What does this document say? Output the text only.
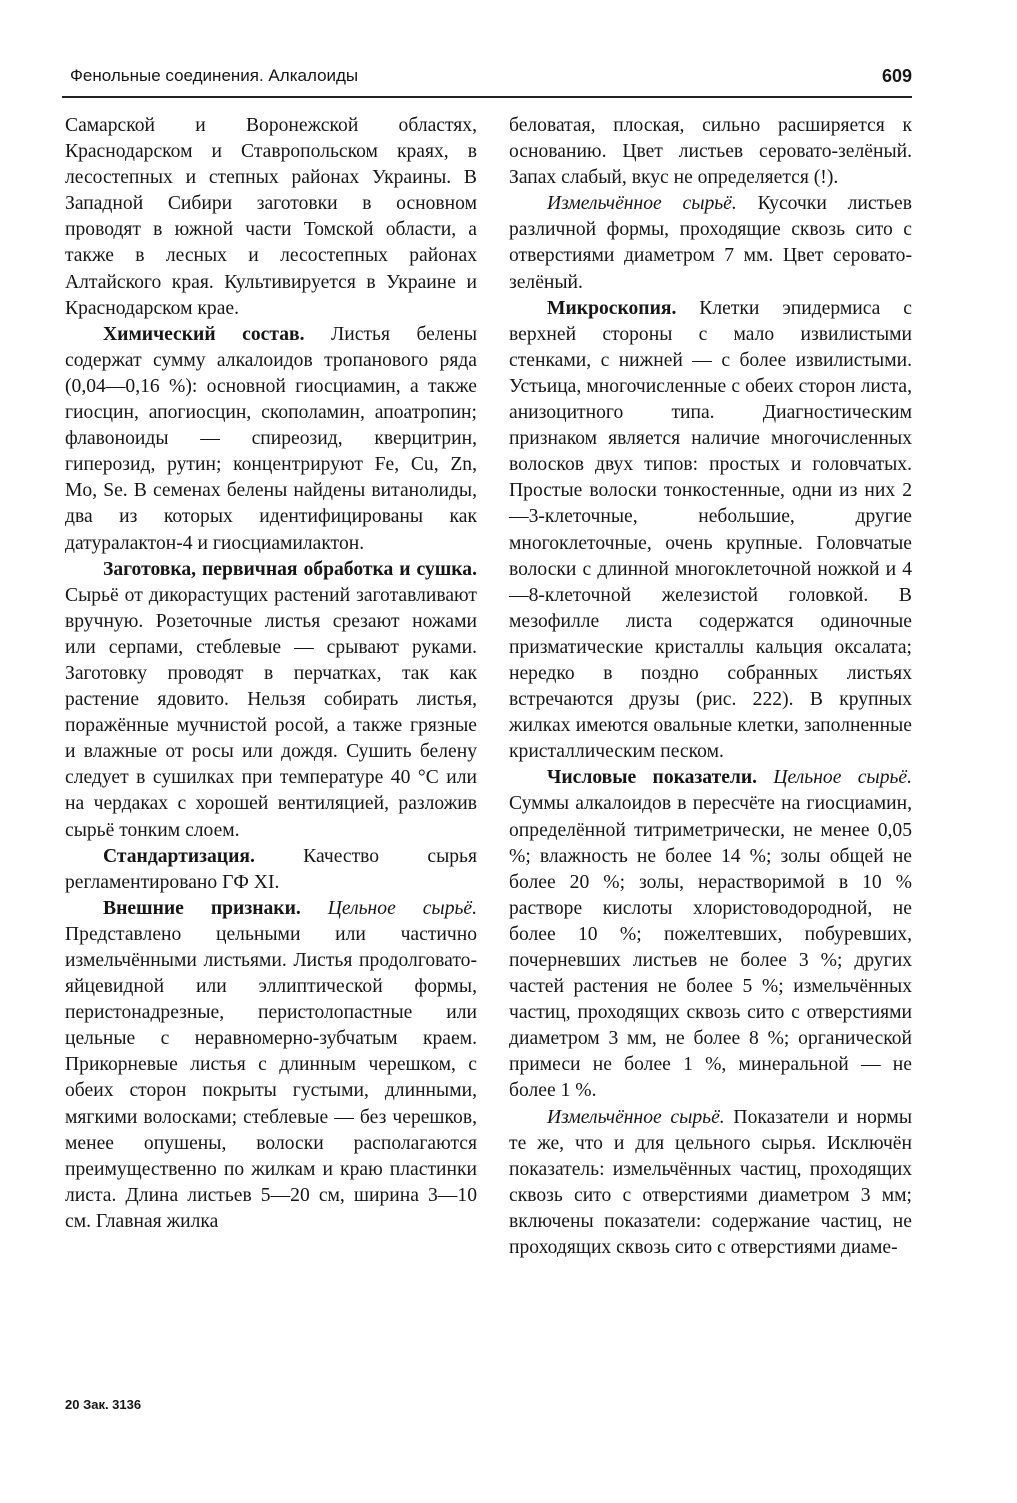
Фенольные соединения. Алкалоиды	609

Самарской и Воронежской областях, Краснодарском и Ставропольском краях, в лесостепных и степных районах Украины. В Западной Сибири заготовки в основном проводят в южной части Томской области, а также в лесных и лесостепных районах Алтайского края. Культивируется в Украине и Краснодарском крае.

Химический состав. Листья белены содержат сумму алкалоидов тропанового ряда (0,04—0,16 %): основной гиосциамин, а также гиосцин, апогиосцин, скополамин, апоатропин; флавоноиды — спиреозид, кверцитрин, гиперозид, рутин; концентрируют Fe, Cu, Zn, Mo, Se. В семенах белены найдены витанолиды, два из которых идентифицированы как датуралактон-4 и гиосциамилактон.

Заготовка, первичная обработка и сушка. Сырьё от дикорастущих растений заготавливают вручную. Розеточные листья срезают ножами или серпами, стеблевые — срывают руками. Заготовку проводят в перчатках, так как растение ядовито. Нельзя собирать листья, поражённые мучнистой росой, а также грязные и влажные от росы или дождя. Сушить белену следует в сушилках при температуре 40 °С или на чердаках с хорошей вентиляцией, разложив сырьё тонким слоем.

Стандартизация. Качество сырья регламентировано ГФ XI.

Внешние признаки. Цельное сырьё. Представлено цельными или частично измельчёнными листьями. Листья продолговато-яйцевидной или эллиптической формы, перистонадрезные, перистолопастные или цельные с неравномерно-зубчатым краем. Прикорневые листья с длинным черешком, с обеих сторон покрыты густыми, длинными, мягкими волосками; стеблевые — без черешков, менее опушены, волоски располагаются преимущественно по жилкам и краю пластинки листа. Длина листьев 5—20 см, ширина 3—10 см. Главная жилка

беловатая, плоская, сильно расширяется к основанию. Цвет листьев серовато-зелёный. Запах слабый, вкус не определяется (!).

Измельчённое сырьё. Кусочки листьев различной формы, проходящие сквозь сито с отверстиями диаметром 7 мм. Цвет серовато-зелёный.

Микроскопия. Клетки эпидермиса с верхней стороны с мало извилистыми стенками, с нижней — с более извилистыми. Устьица, многочисленные с обеих сторон листа, анизоцитного типа. Диагностическим признаком является наличие многочисленных волосков двух типов: простых и головчатых. Простые волоски тонкостенные, одни из них 2—3-клеточные, небольшие, другие многоклеточные, очень крупные. Головчатые волоски с длинной многоклеточной ножкой и 4—8-клеточной железистой головкой. В мезофилле листа содержатся одиночные призматические кристаллы кальция оксалата; нередко в поздно собранных листьях встречаются друзы (рис. 222). В крупных жилках имеются овальные клетки, заполненные кристаллическим песком.

Числовые показатели. Цельное сырьё. Суммы алкалоидов в пересчёте на гиосциамин, определённой титриметрически, не менее 0,05 %; влажность не более 14 %; золы общей не более 20 %; золы, нерастворимой в 10 % растворе кислоты хлористоводородной, не более 10 %; пожелтевших, побуревших, почерневших листьев не более 3 %; других частей растения не более 5 %; измельчённых частиц, проходящих сквозь сито с отверстиями диаметром 3 мм, не более 8 %; органической примеси не более 1 %, минеральной — не более 1 %.

Измельчённое сырьё. Показатели и нормы те же, что и для цельного сырья. Исключён показатель: измельчённых частиц, проходящих сквозь сито с отверстиями диаметром 3 мм; включены показатели: содержание частиц, не проходящих сквозь сито с отверстиями диаме-

20 Зак. 3136
